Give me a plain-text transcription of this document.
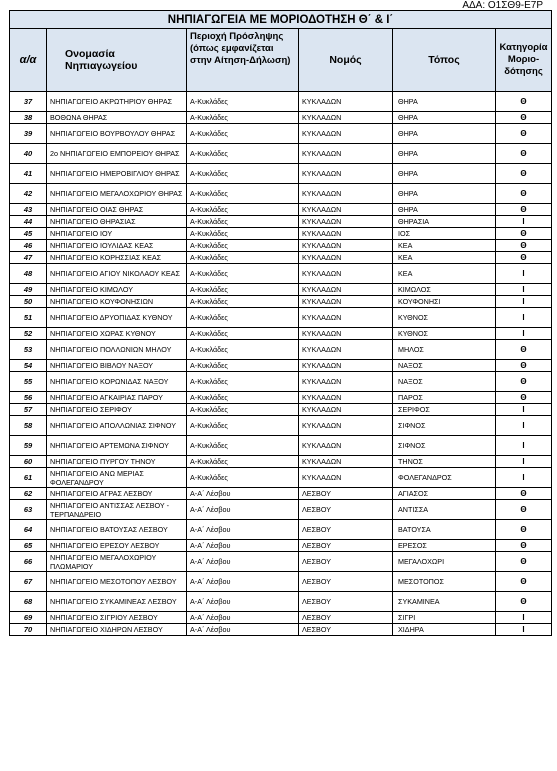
ΑΔΑ: Ο1ΣΘ9-Ε7Ρ
ΝΗΠΙΑΓΩΓΕΙΑ ΜΕ ΜΟΡΙΟΔΟΤΗΣΗ Θ΄ & Ι΄					
α/α	Ονομασία Νηπιαγωγείου	Περιοχή Πρόσληψης (όπως εμφανίζεται στην Αίτηση-Δήλωση)	Νομός	Τόπος	Κατηγορία Μοριο-δότησης
37	ΝΗΠΙΑΓΩΓΕΙΟ ΑΚΡΩΤΗΡΙΟΥ ΘΗΡΑΣ	Α-Κυκλάδες	ΚΥΚΛΑΔΩΝ	ΘΗΡΑ	Θ
38	ΒΟΘΩΝΑ ΘΗΡΑΣ	Α-Κυκλάδες	ΚΥΚΛΑΔΩΝ	ΘΗΡΑ	Θ
39	ΝΗΠΙΑΓΩΓΕΙΟ ΒΟΥΡΒΟΥΛΟΥ ΘΗΡΑΣ	Α-Κυκλάδες	ΚΥΚΛΑΔΩΝ	ΘΗΡΑ	Θ
40	2ο ΝΗΠΙΑΓΩΓΕΙΟ ΕΜΠΟΡΕΙΟΥ ΘΗΡΑΣ	Α-Κυκλάδες	ΚΥΚΛΑΔΩΝ	ΘΗΡΑ	Θ
41	ΝΗΠΙΑΓΩΓΕΙΟ ΗΜΕΡΟΒΙΓΛΙΟΥ ΘΗΡΑΣ	Α-Κυκλάδες	ΚΥΚΛΑΔΩΝ	ΘΗΡΑ	Θ
42	ΝΗΠΙΑΓΩΓΕΙΟ ΜΕΓΑΛΟΧΩΡΙΟΥ ΘΗΡΑΣ	Α-Κυκλάδες	ΚΥΚΛΑΔΩΝ	ΘΗΡΑ	Θ
43	ΝΗΠΙΑΓΩΓΕΙΟ ΟΙΑΣ ΘΗΡΑΣ	Α-Κυκλάδες	ΚΥΚΛΑΔΩΝ	ΘΗΡΑ	Θ
44	ΝΗΠΙΑΓΩΓΕΙΟ ΘΗΡΑΣΙΑΣ	Α-Κυκλάδες	ΚΥΚΛΑΔΩΝ	ΘΗΡΑΣΙΑ	Ι
45	ΝΗΠΙΑΓΩΓΕΙΟ ΙΟΥ	Α-Κυκλάδες	ΚΥΚΛΑΔΩΝ	ΙΟΣ	Θ
46	ΝΗΠΙΑΓΩΓΕΙΟ ΙΟΥΛΙΔΑΣ ΚΕΑΣ	Α-Κυκλάδες	ΚΥΚΛΑΔΩΝ	ΚΕΑ	Θ
47	ΝΗΠΙΑΓΩΓΕΙΟ ΚΟΡΗΣΣΙΑΣ ΚΕΑΣ	Α-Κυκλάδες	ΚΥΚΛΑΔΩΝ	ΚΕΑ	Θ
48	ΝΗΠΙΑΓΩΓΕΙΟ ΑΓΙΟΥ ΝΙΚΟΛΑΟΥ ΚΕΑΣ	Α-Κυκλάδες	ΚΥΚΛΑΔΩΝ	ΚΕΑ	Ι
49	ΝΗΠΙΑΓΩΓΕΙΟ ΚΙΜΩΛΟΥ	Α-Κυκλάδες	ΚΥΚΛΑΔΩΝ	ΚΙΜΩΛΟΣ	Ι
50	ΝΗΠΙΑΓΩΓΕΙΟ ΚΟΥΦΟΝΗΣΙΩΝ	Α-Κυκλάδες	ΚΥΚΛΑΔΩΝ	ΚΟΥΦΟΝΗΣΙ	Ι
51	ΝΗΠΙΑΓΩΓΕΙΟ ΔΡΥΟΠΙΔΑΣ ΚΥΘΝΟΥ	Α-Κυκλάδες	ΚΥΚΛΑΔΩΝ	ΚΥΘΝΟΣ	Ι
52	ΝΗΠΙΑΓΩΓΕΙΟ ΧΩΡΑΣ ΚΥΘΝΟΥ	Α-Κυκλάδες	ΚΥΚΛΑΔΩΝ	ΚΥΘΝΟΣ	Ι
53	ΝΗΠΙΑΓΩΓΕΙΟ ΠΟΛΛΩΝΙΩΝ ΜΗΛΟΥ	Α-Κυκλάδες	ΚΥΚΛΑΔΩΝ	ΜΗΛΟΣ	Θ
54	ΝΗΠΙΑΓΩΓΕΙΟ ΒΙΒΛΟΥ ΝΑΞΟΥ	Α-Κυκλάδες	ΚΥΚΛΑΔΩΝ	ΝΑΞΟΣ	Θ
55	ΝΗΠΙΑΓΩΓΕΙΟ ΚΟΡΩΝΙΔΑΣ ΝΑΞΟΥ	Α-Κυκλάδες	ΚΥΚΛΑΔΩΝ	ΝΑΞΟΣ	Θ
56	ΝΗΠΙΑΓΩΓΕΙΟ ΑΓΚΑΙΡΙΑΣ ΠΑΡΟΥ	Α-Κυκλάδες	ΚΥΚΛΑΔΩΝ	ΠΑΡΟΣ	Θ
57	ΝΗΠΙΑΓΩΓΕΙΟ ΣΕΡΙΦΟΥ	Α-Κυκλάδες	ΚΥΚΛΑΔΩΝ	ΣΕΡΙΦΟΣ	Ι
58	ΝΗΠΙΑΓΩΓΕΙΟ ΑΠΟΛΛΩΝΙΑΣ ΣΙΦΝΟΥ	Α-Κυκλάδες	ΚΥΚΛΑΔΩΝ	ΣΙΦΝΟΣ	Ι
59	ΝΗΠΙΑΓΩΓΕΙΟ ΑΡΤΕΜΩΝΑ ΣΙΦΝΟΥ	Α-Κυκλάδες	ΚΥΚΛΑΔΩΝ	ΣΙΦΝΟΣ	Ι
60	ΝΗΠΙΑΓΩΓΕΙΟ ΠΥΡΓΟΥ ΤΗΝΟΥ	Α-Κυκλάδες	ΚΥΚΛΑΔΩΝ	ΤΗΝΟΣ	Ι
61	ΝΗΠΙΑΓΩΓΕΙΟ ΑΝΩ ΜΕΡΙΑΣ ΦΟΛΕΓΑΝΔΡΟΥ	Α-Κυκλάδες	ΚΥΚΛΑΔΩΝ	ΦΟΛΕΓΑΝΔΡΟΣ	Ι
62	ΝΗΠΙΑΓΩΓΕΙΟ ΑΓΡΑΣ ΛΕΣΒΟΥ	Α-Α΄ Λέσβου	ΛΕΣΒΟΥ	ΑΓΙΑΣΟΣ	Θ
63	ΝΗΠΙΑΓΩΓΕΙΟ ΑΝΤΙΣΣΑΣ ΛΕΣΒΟΥ - ΤΕΡΠΑΝΔΡΕΙΟ	Α-Α΄ Λέσβου	ΛΕΣΒΟΥ	ΑΝΤΙΣΣΑ	Θ
64	ΝΗΠΙΑΓΩΓΕΙΟ ΒΑΤΟΥΣΑΣ ΛΕΣΒΟΥ	Α-Α΄ Λέσβου	ΛΕΣΒΟΥ	ΒΑΤΟΥΣΑ	Θ
65	ΝΗΠΙΑΓΩΓΕΙΟ ΕΡΕΣΟΥ ΛΕΣΒΟΥ	Α-Α΄ Λέσβου	ΛΕΣΒΟΥ	ΕΡΕΣΟΣ	Θ
66	ΝΗΠΙΑΓΩΓΕΙΟ ΜΕΓΑΛΟΧΩΡΙΟΥ ΠΛΩΜΑΡΙΟΥ	Α-Α΄ Λέσβου	ΛΕΣΒΟΥ	ΜΕΓΑΛΟΧΩΡΙ	Θ
67	ΝΗΠΙΑΓΩΓΕΙΟ ΜΕΣΟΤΟΠΟΥ ΛΕΣΒΟΥ	Α-Α΄ Λέσβου	ΛΕΣΒΟΥ	ΜΕΣΟΤΟΠΟΣ	Θ
68	ΝΗΠΙΑΓΩΓΕΙΟ ΣΥΚΑΜΙΝΕΑΣ ΛΕΣΒΟΥ	Α-Α΄ Λέσβου	ΛΕΣΒΟΥ	ΣΥΚΑΜΙΝΕΑ	Θ
69	ΝΗΠΙΑΓΩΓΕΙΟ ΣΙΓΡΙΟΥ ΛΕΣΒΟΥ	Α-Α΄ Λέσβου	ΛΕΣΒΟΥ	ΣΙΓΡΙ	Ι
70	ΝΗΠΙΑΓΩΓΕΙΟ ΧΙΔΗΡΩΝ ΛΕΣΒΟΥ	Α-Α΄ Λέσβου	ΛΕΣΒΟΥ	ΧΙΔΗΡΑ	Ι
